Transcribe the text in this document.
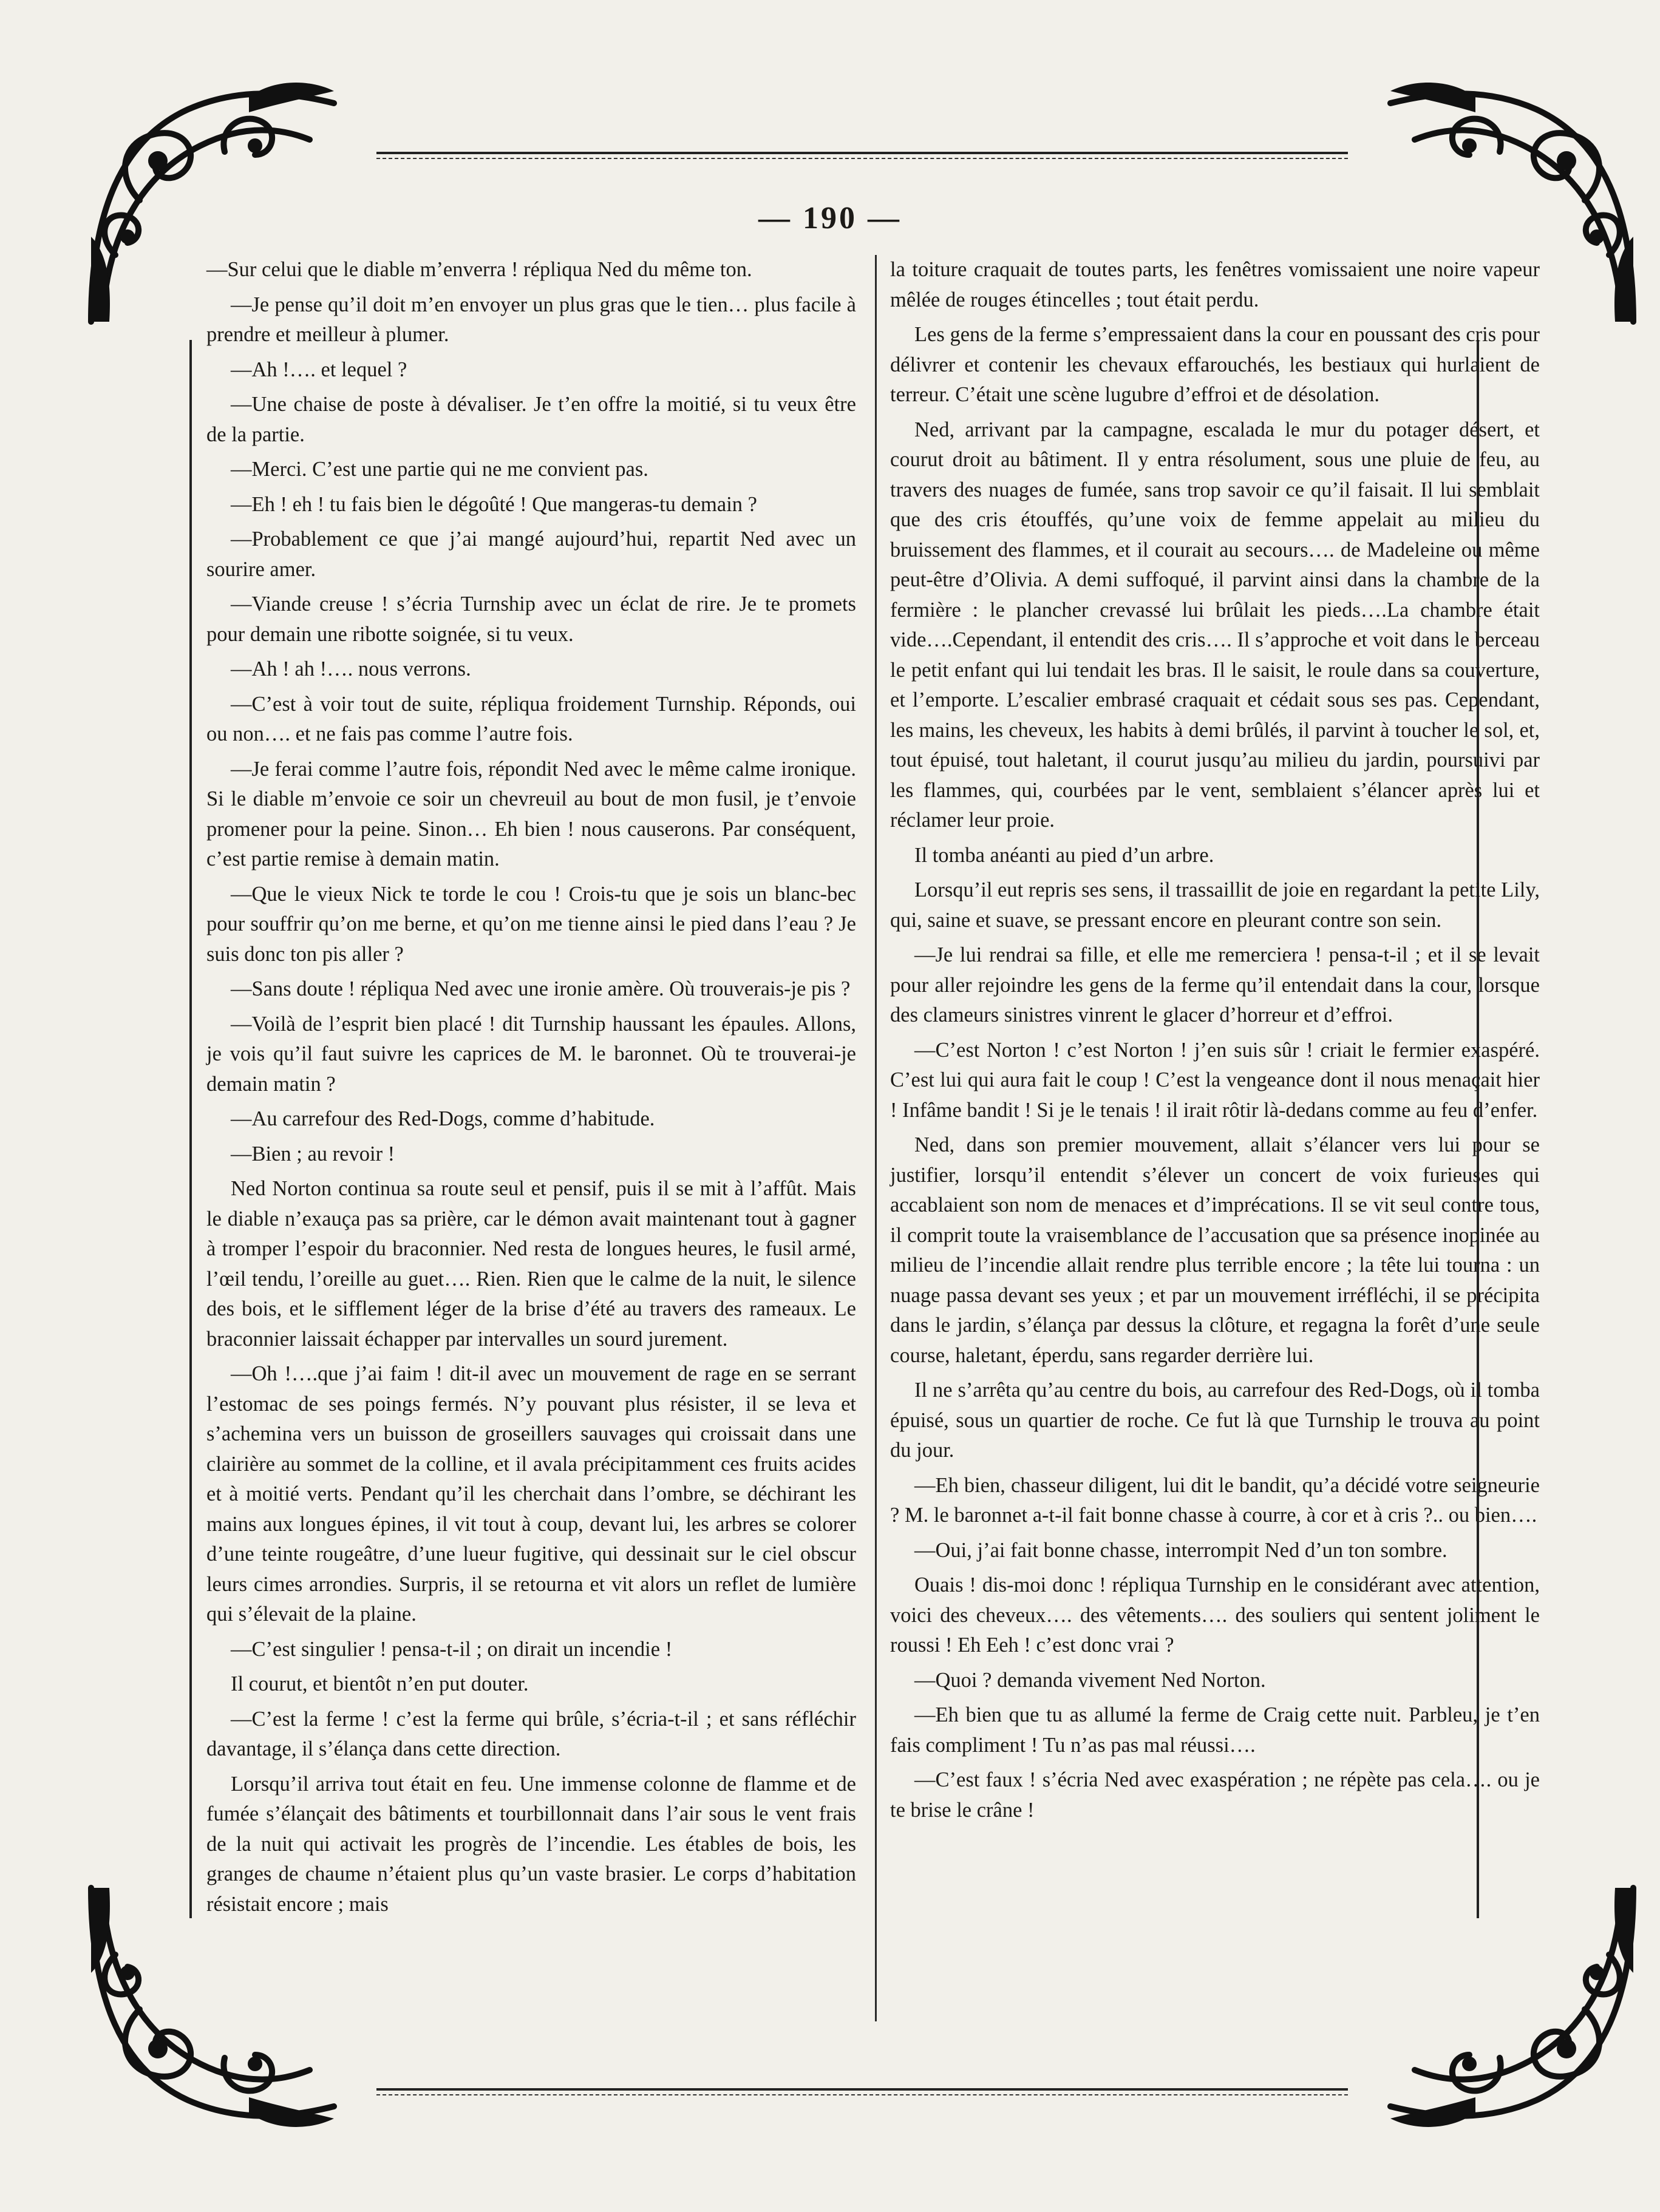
— 190 —

—Sur celui que le diable m’enverra ! répliqua Ned du même ton.

—Je pense qu’il doit m’en envoyer un plus gras que le tien… plus facile à prendre et meilleur à plumer.

—Ah !…. et lequel ?

—Une chaise de poste à dévaliser. Je t’en offre la moitié, si tu veux être de la partie.

—Merci. C’est une partie qui ne me convient pas.

—Eh ! eh ! tu fais bien le dégoûté ! Que mangeras-tu demain ?

—Probablement ce que j’ai mangé aujourd’hui, repartit Ned avec un sourire amer.

—Viande creuse ! s’écria Turnship avec un éclat de rire. Je te promets pour demain une ribotte soignée, si tu veux.

—Ah ! ah !…. nous verrons.

—C’est à voir tout de suite, répliqua froidement Turnship. Réponds, oui ou non…. et ne fais pas comme l’autre fois.

—Je ferai comme l’autre fois, répondit Ned avec le même calme ironique. Si le diable m’envoie ce soir un chevreuil au bout de mon fusil, je t’envoie promener pour la peine. Sinon… Eh bien ! nous causerons. Par conséquent, c’est partie remise à demain matin.

—Que le vieux Nick te torde le cou ! Crois-tu que je sois un blanc-bec pour souffrir qu’on me berne, et qu’on me tienne ainsi le pied dans l’eau ? Je suis donc ton pis aller ?

—Sans doute ! répliqua Ned avec une ironie amère. Où trouverais-je pis ?

—Voilà de l’esprit bien placé ! dit Turnship haussant les épaules. Allons, je vois qu’il faut suivre les caprices de M. le baronnet. Où te trouverai-je demain matin ?

—Au carrefour des Red-Dogs, comme d’habitude.

—Bien ; au revoir !

Ned Norton continua sa route seul et pensif, puis il se mit à l’affût. Mais le diable n’exauça pas sa prière, car le démon avait maintenant tout à gagner à tromper l’espoir du braconnier. Ned resta de longues heures, le fusil armé, l’œil tendu, l’oreille au guet…. Rien. Rien que le calme de la nuit, le silence des bois, et le sifflement léger de la brise d’été au travers des rameaux. Le braconnier laissait échapper par intervalles un sourd jurement.

—Oh !….que j’ai faim ! dit-il avec un mouvement de rage en se serrant l’estomac de ses poings fermés. N’y pouvant plus résister, il se leva et s’achemina vers un buisson de groseillers sauvages qui croissait dans une clairière au sommet de la colline, et il avala précipitamment ces fruits acides et à moitié verts. Pendant qu’il les cherchait dans l’ombre, se déchirant les mains aux longues épines, il vit tout à coup, devant lui, les arbres se colorer d’une teinte rougeâtre, d’une lueur fugitive, qui dessinait sur le ciel obscur leurs cimes arrondies. Surpris, il se retourna et vit alors un reflet de lumière qui s’élevait de la plaine.

—C’est singulier ! pensa-t-il ; on dirait un incendie !

Il courut, et bientôt n’en put douter.

—C’est la ferme ! c’est la ferme qui brûle, s’écria-t-il ; et sans réfléchir davantage, il s’élança dans cette direction.

Lorsqu’il arriva tout était en feu. Une immense colonne de flamme et de fumée s’élançait des bâtiments et tourbillonnait dans l’air sous le vent frais de la nuit qui activait les progrès de l’incendie. Les étables de bois, les granges de chaume n’étaient plus qu’un vaste brasier. Le corps d’habitation résistait encore ; mais

la toiture craquait de toutes parts, les fenêtres vomissaient une noire vapeur mêlée de rouges étincelles ; tout était perdu.

Les gens de la ferme s’empressaient dans la cour en poussant des cris pour délivrer et contenir les chevaux effarouchés, les bestiaux qui hurlaient de terreur. C’était une scène lugubre d’effroi et de désolation.

Ned, arrivant par la campagne, escalada le mur du potager désert, et courut droit au bâtiment. Il y entra résolument, sous une pluie de feu, au travers des nuages de fumée, sans trop savoir ce qu’il faisait. Il lui semblait que des cris étouffés, qu’une voix de femme appelait au milieu du bruissement des flammes, et il courait au secours…. de Madeleine ou même peut-être d’Olivia. A demi suffoqué, il parvint ainsi dans la chambre de la fermière : le plancher crevassé lui brûlait les pieds….La chambre était vide….Cependant, il entendit des cris…. Il s’approche et voit dans le berceau le petit enfant qui lui tendait les bras. Il le saisit, le roule dans sa couverture, et l’emporte. L’escalier embrasé craquait et cédait sous ses pas. Cependant, les mains, les cheveux, les habits à demi brûlés, il parvint à toucher le sol, et, tout épuisé, tout haletant, il courut jusqu’au milieu du jardin, poursuivi par les flammes, qui, courbées par le vent, semblaient s’élancer après lui et réclamer leur proie.

Il tomba anéanti au pied d’un arbre.

Lorsqu’il eut repris ses sens, il trassaillit de joie en regardant la petite Lily, qui, saine et suave, se pressant encore en pleurant contre son sein.

—Je lui rendrai sa fille, et elle me remerciera ! pensa-t-il ; et il se levait pour aller rejoindre les gens de la ferme qu’il entendait dans la cour, lorsque des clameurs sinistres vinrent le glacer d’horreur et d’effroi.

—C’est Norton ! c’est Norton ! j’en suis sûr ! criait le fermier exaspéré. C’est lui qui aura fait le coup ! C’est la vengeance dont il nous menaçait hier ! Infâme bandit ! Si je le tenais ! il irait rôtir là-dedans comme au feu d’enfer.

Ned, dans son premier mouvement, allait s’élancer vers lui pour se justifier, lorsqu’il entendit s’élever un concert de voix furieuses qui accablaient son nom de menaces et d’imprécations. Il se vit seul contre tous, il comprit toute la vraisemblance de l’accusation que sa présence inopinée au milieu de l’incendie allait rendre plus terrible encore ; la tête lui tourna : un nuage passa devant ses yeux ; et par un mouvement irréfléchi, il se précipita dans le jardin, s’élança par dessus la clôture, et regagna la forêt d’une seule course, haletant, éperdu, sans regarder derrière lui.

Il ne s’arrêta qu’au centre du bois, au carrefour des Red-Dogs, où il tomba épuisé, sous un quartier de roche. Ce fut là que Turnship le trouva au point du jour.

—Eh bien, chasseur diligent, lui dit le bandit, qu’a décidé votre seigneurie ? M. le baronnet a-t-il fait bonne chasse à courre, à cor et à cris ?.. ou bien….

—Oui, j’ai fait bonne chasse, interrompit Ned d’un ton sombre.

Ouais ! dis-moi donc ! répliqua Turnship en le considérant avec attention, voici des cheveux…. des vêtements…. des souliers qui sentent joliment le roussi ! Eh Eeh ! c’est donc vrai ?

—Quoi ? demanda vivement Ned Norton.

—Eh bien que tu as allumé la ferme de Craig cette nuit. Parbleu, je t’en fais compliment ! Tu n’as pas mal réussi….

—C’est faux ! s’écria Ned avec exaspération ; ne répète pas cela…. ou je te brise le crâne !
